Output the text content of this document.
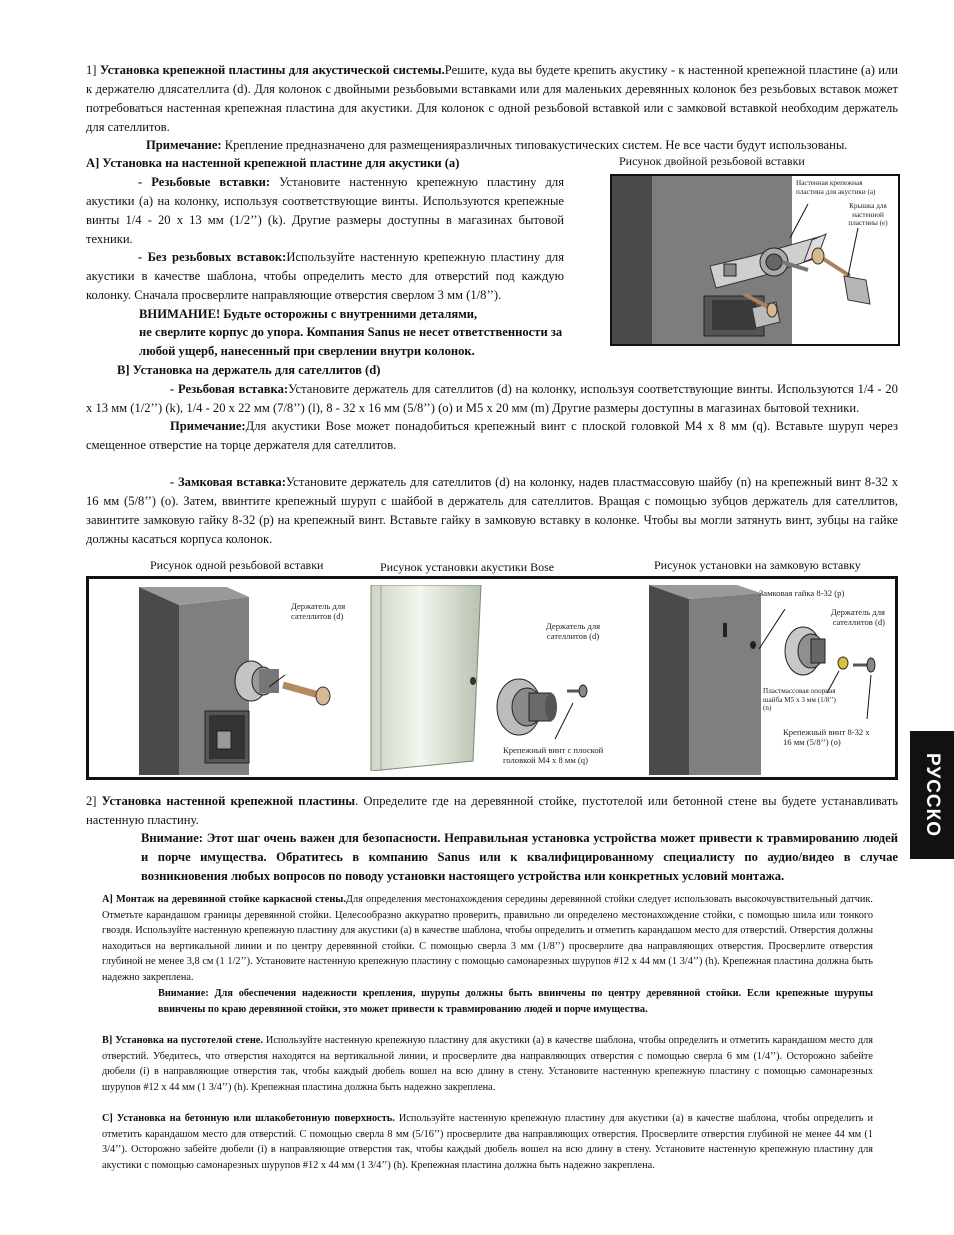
1] Установка крепежной пластины для акустической системы.Решите, куда вы будете крепить акустику - к настенной крепежной пластине (а) или к держателю длясателлита (d). Для колонок с двойными резьбовыми вставками или для маленьких деревянных колонок без резьбовых вставок может потребоваться настенная крепежная пластина для акустики. Для колонок с одной резьбовой вставкой или с замковой вставкой необходим держатель для сателлитов.

Примечание: Крепление предназначено для размещенияразличных типовакустических систем. Не все части будут использованы.

A] Установка на настенной крепежной пластине для акустики (a)

- Резьбовые вставки: Установите настенную крепежную пластину для акустики (a) на колонку, используя соответствующие винты. Используются крепежные винты 1/4 - 20 x 13 мм (1/2’’) (k). Другие размеры доступны в магазинах бытовой техники.

- Без резьбовых вставок:Используйте настенную крепежную пластину для акустики в качестве шаблона, чтобы определить место для отверстий под каждую колонку. Сначала просверлите направляющие отверстия сверлом 3 мм (1/8’’).

ВНИМАНИЕ! Будьте осторожны с внутренними деталями,

не сверлите корпус до упора. Компания Sanus не несет ответственности за

любой ущерб, нанесенный при сверлении внутри колонок.

Рисунок двойной резьбовой вставки
Настенная крепежная пластина для акустики (a)
Крышка для настенной пластины (e)

B] Установка на держатель для сателлитов (d)

- Резьбовая вставка:Установите держатель для сателлитов (d) на колонку, используя соответствующие винты. Используются 1/4 - 20 x 13 мм (1/2’’) (k), 1/4 - 20 x 22 мм (7/8’’) (l), 8 - 32 x 16 мм (5/8’’) (o) и M5 x 20 мм (m) Другие размеры доступны в магазинах бытовой техники.

Примечание:Для акустики Bose может понадобиться крепежный винт с плоской головкой M4 x 8 мм (q). Вставьте шуруп через смещенное отверстие на торце держателя для сателлитов.

- Замковая вставка:Установите держатель для сателлитов (d) на колонку, надев пластмассовую шайбу (n) на крепежный винт 8-32 x 16 мм (5/8’’) (o). Затем, ввинтите крепежный шуруп с шайбой в держатель для сателлитов. Вращая с помощью зубцов держатель для сателлитов, завинтите замковую гайку 8-32 (p) на крепежный винт. Вставьте гайку в замковую вставку в колонке. Чтобы вы могли затянуть винт, зубцы на гайке должны касаться корпуса колонок.

Рисунок одной резьбовой вставки	Рисунок установки акустики Bose	Рисунок установки на замковую вставку
Держатель для сателлитов (d)
Держатель для сателлитов (d)
Крепежный винт с плоской головкой M4 x 8 мм (q)
Замковая гайка 8-32 (p)
Держатель для сателлитов (d)
Пластмассовая опорная шайба M5 x 3 мм (1/8’’) (n)
Крепежный винт 8-32 x 16 мм (5/8’’) (o)

2] Установка настенной крепежной пластины. Определите где на деревянной стойке, пустотелой или бетонной стене вы будете устанавливать настенную пластину.

Внимание: Этот шаг очень важен для безопасности. Неправильная установка устройства может привести к травмированию людей и порче имущества. Обратитесь в компанию Sanus или к квалифицированному специалисту по аудио/видео в случае возникновения любых вопросов по поводу установки настоящего устройства или конкретных условий монтажа.

A] Монтаж на деревянной стойке каркасной стены.Для определения местонахождения середины деревянной стойки следует использовать высокочувствительный датчик. Отметьте карандашом границы деревянной стойки. Целесообразно аккуратно проверить, правильно ли определено местонахождение стойки, с помощью шила или тонкого гвоздя. Используйте настенную крепежную пластину для акустики (a) в качестве шаблона, чтобы определить и отметить карандашом место для отверстий. Отверстия должны находиться на вертикальной линии и по центру деревянной стойки. С помощью сверла 3 мм (1/8’’) просверлите два направляющих отверстия. Просверлите отверстия глубиной не менее 3,8 см (1 1/2’’). Установите настенную крепежную пластину с помощью самонарезных шурупов #12 x 44 мм (1 3/4’’) (h). Крепежная пластина должна быть надежно закреплена.

Внимание: Для обеспечения надежности крепления, шурупы должны быть ввинчены по центру деревянной стойки. Если крепежные шурупы ввинчены по краю деревянной стойки, это может привести к травмированию людей и порче имущества.

B] Установка на пустотелой стене. Используйте настенную крепежную пластину для акустики (a) в качестве шаблона, чтобы определить и отметить карандашом место для отверстий. Убедитесь, что отверстия находятся на вертикальной линии, и просверлите два направляющих отверстия с помощью сверла 6 мм (1/4’’). Осторожно забейте дюбели (i) в направляющие отверстия так, чтобы каждый дюбель вошел на всю длину в стену. Установите настенную крепежную пластину с помощью самонарезных шурупов #12 x 44 мм (1 3/4’’) (h). Крепежная пластина должна быть надежно закреплена.

C] Установка на бетонную или шлакобетонную поверхность. Используйте настенную крепежную пластину для акустики (a) в качестве шаблона, чтобы определить и отметить карандашом место для отверстий. С помощью сверла 8 мм (5/16’’) просверлите два направляющих отверстия. Просверлите отверстия глубиной не менее 44 мм (1 3/4’’). Осторожно забейте дюбели (i) в направляющие отверстия так, чтобы каждый дюбель вошел на всю длину в стену. Установите настенную крепежную пластину для акустики с помощью самонарезных шурупов #12 x 44 мм (1 3/4’’) (h). Крепежная пластина должна быть надежно закреплена.

РУССКО
